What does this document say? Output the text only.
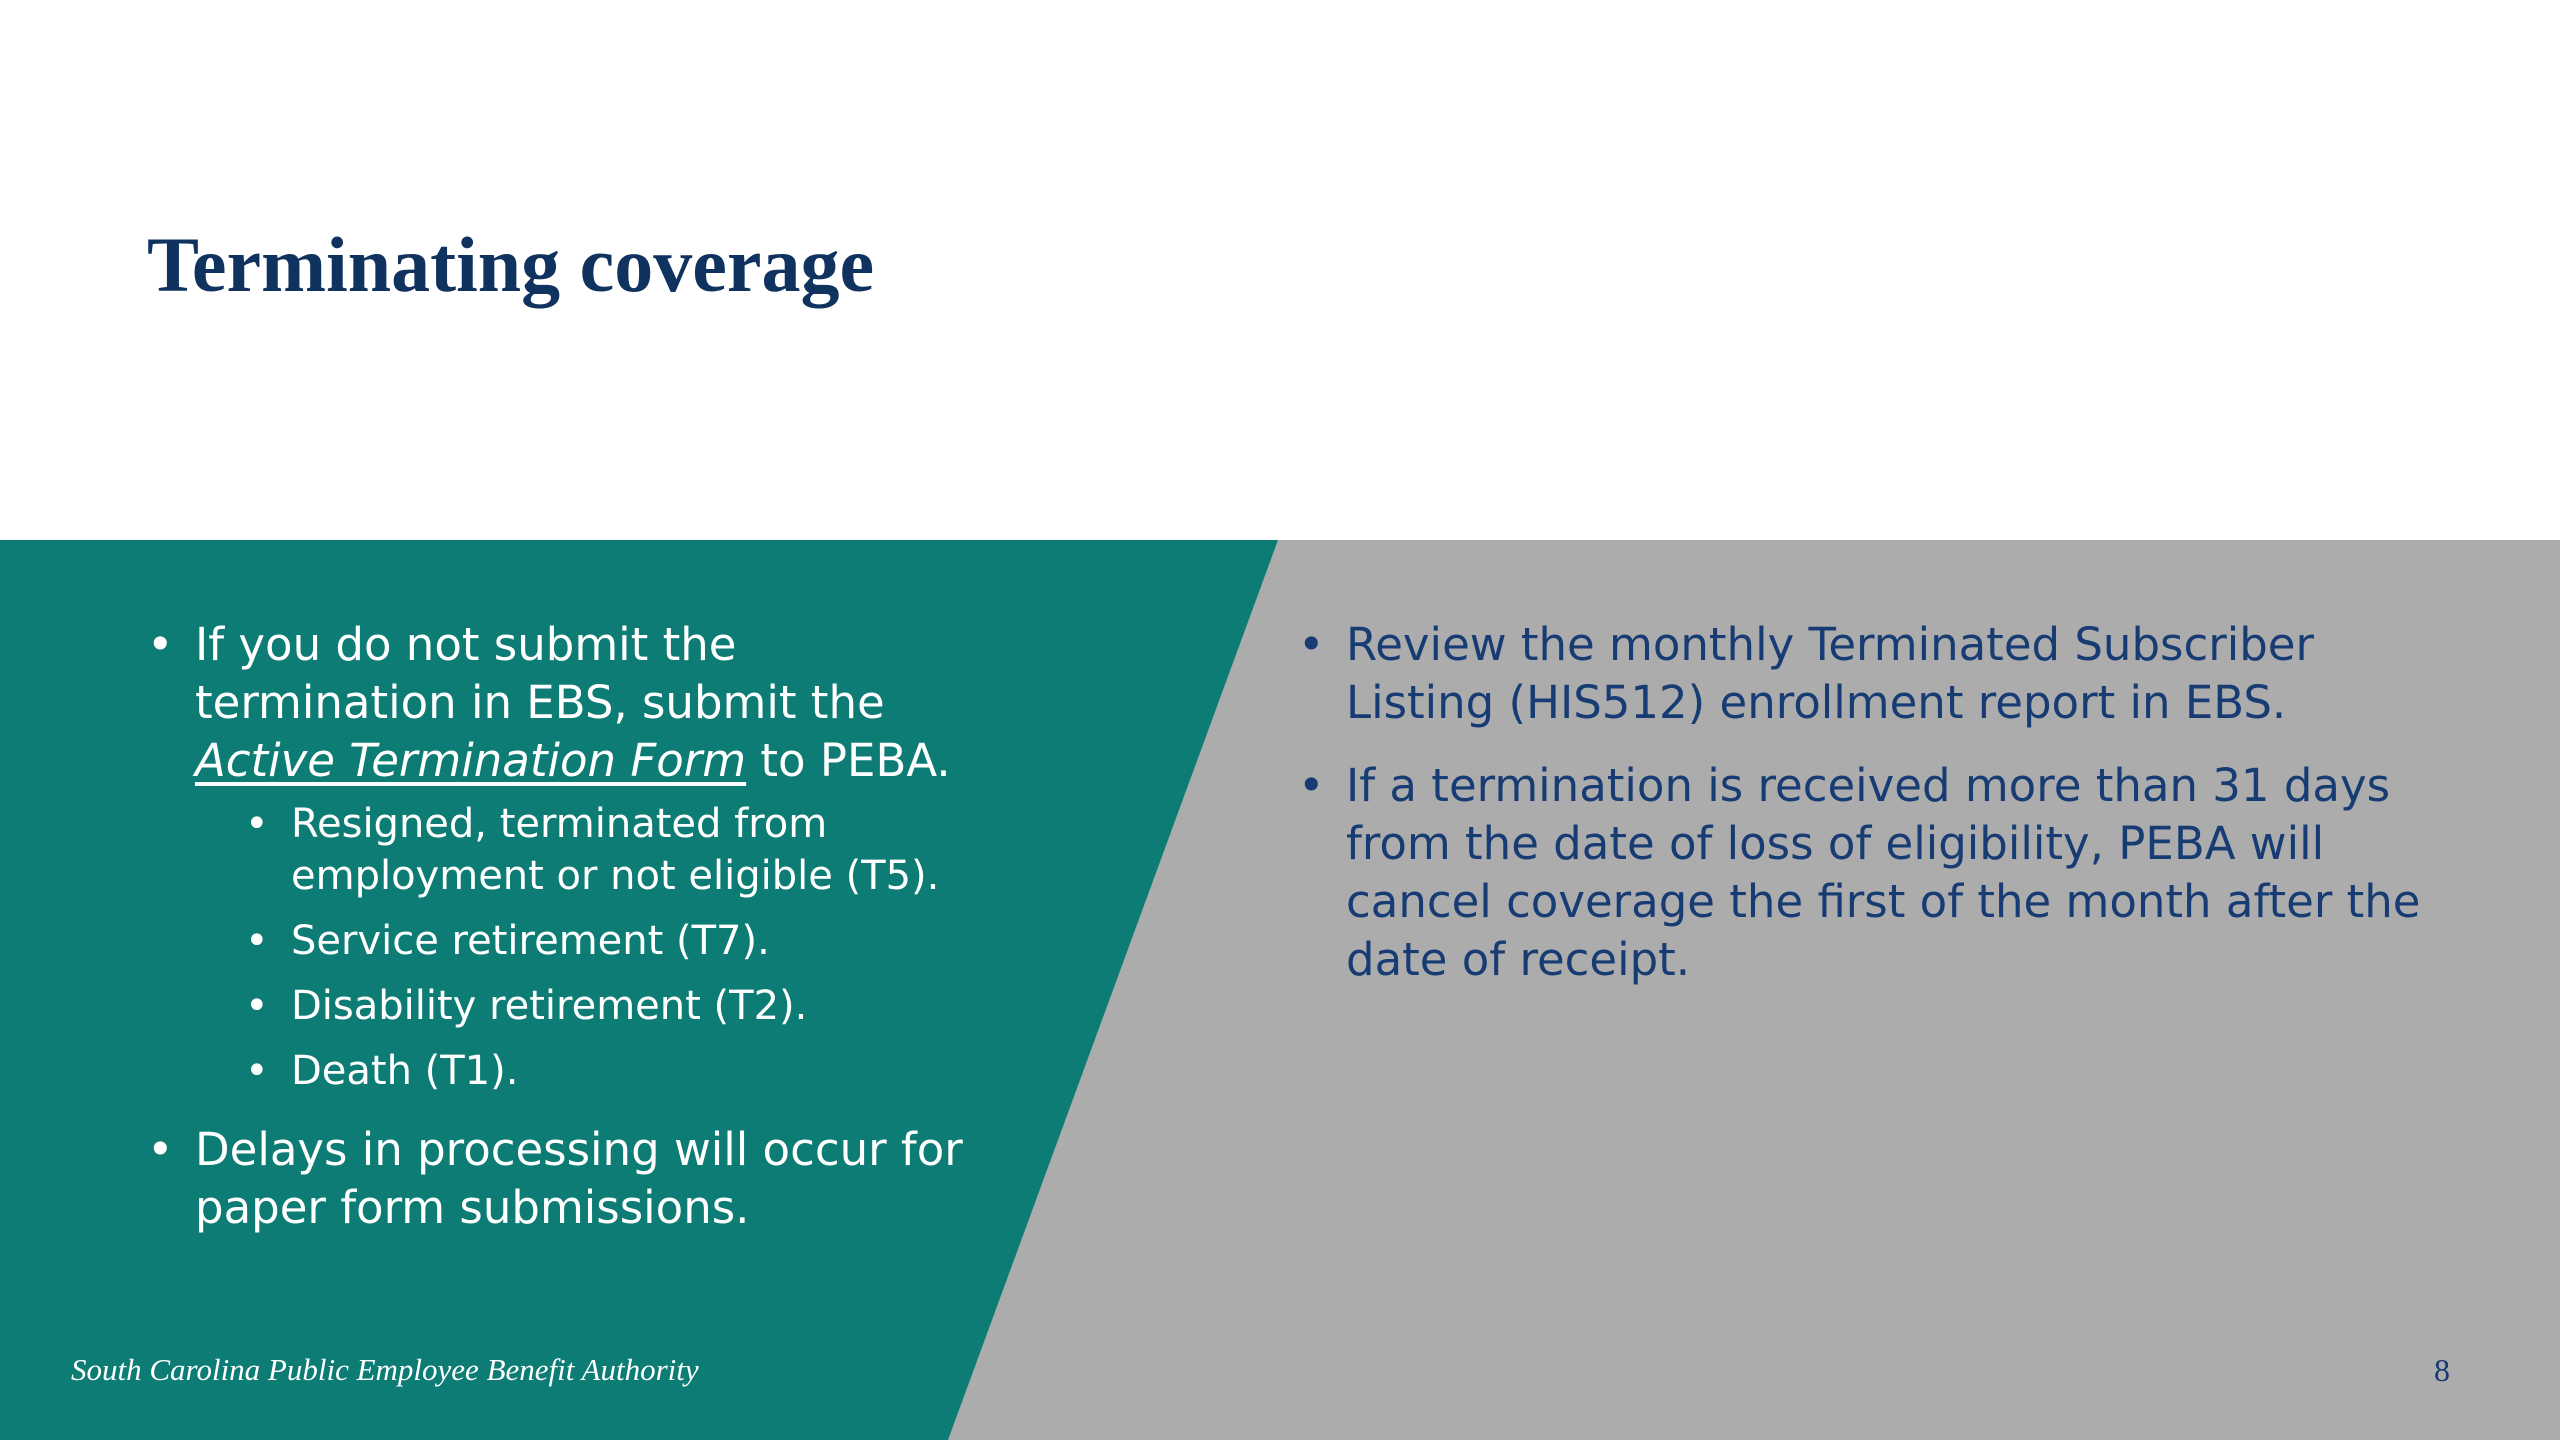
Terminating coverage
• If you do not submit the termination in EBS, submit the Active Termination Form to PEBA.
• Resigned, terminated from employment or not eligible (T5).
• Service retirement (T7).
• Disability retirement (T2).
• Death (T1).
• Delays in processing will occur for paper form submissions.
• Review the monthly Terminated Subscriber Listing (HIS512) enrollment report in EBS.
• If a termination is received more than 31 days from the date of loss of eligibility, PEBA will cancel coverage the first of the month after the date of receipt.
South Carolina Public Employee Benefit Authority	8
